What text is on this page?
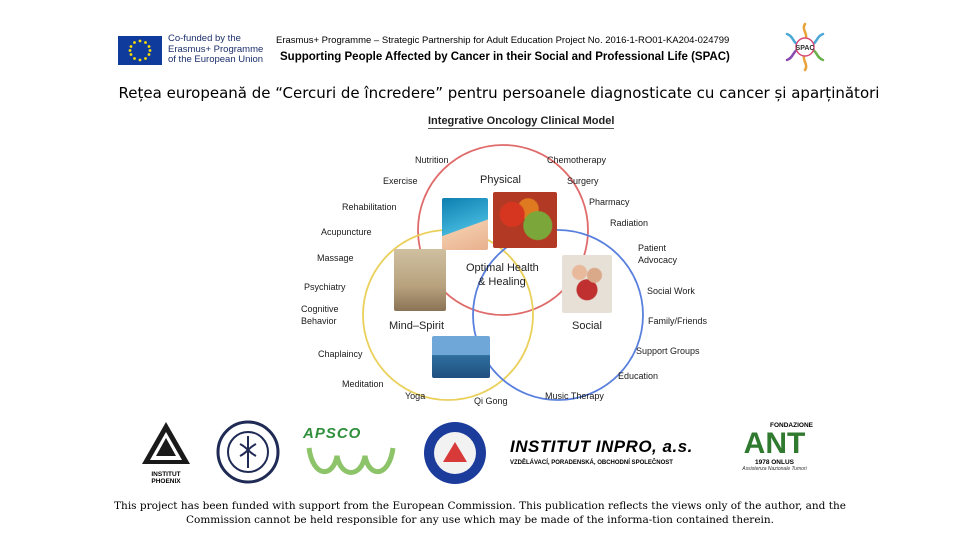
Co-funded by the
Erasmus+ Programme
of the European Union
Erasmus+ Programme – Strategic Partnership for Adult Education Project No. 2016-1-RO01-KA204-024799
Supporting People Affected by Cancer in their Social and Professional Life (SPAC)
SPAC
Rețea europeană de “Cercuri de încredere” pentru persoanele diagnosticate cu cancer și aparținători
Integrative Oncology Clinical Model
Physical
Mind–Spirit	Social
Optimal Health
& Healing
Nutrition	Chemotherapy
Exercise	Surgery
Pharmacy
Rehabilitation
Radiation
Acupuncture
Patient
Advocacy
Massage
Psychiatry	Social Work
Cognitive
Behavior	Family/Friends
Chaplaincy	Support Groups
Meditation
Education
Yoga	Qi Gong	Music Therapy
INSTITUT
PHOENIX
APSCO
INSTITUT INPRO, a.s.
VZDĚLÁVACÍ, PORADENSKÁ, OBCHODNÍ SPOLEČNOST
FONDAZIONE
ANT
1978 ONLUS
Assistenza Nazionale Tumori
This project has been funded with support from the European Commission. This publication reflects the views only of the author, and the Commission cannot be held responsible for any use which may be made of the informa-tion contained therein.
